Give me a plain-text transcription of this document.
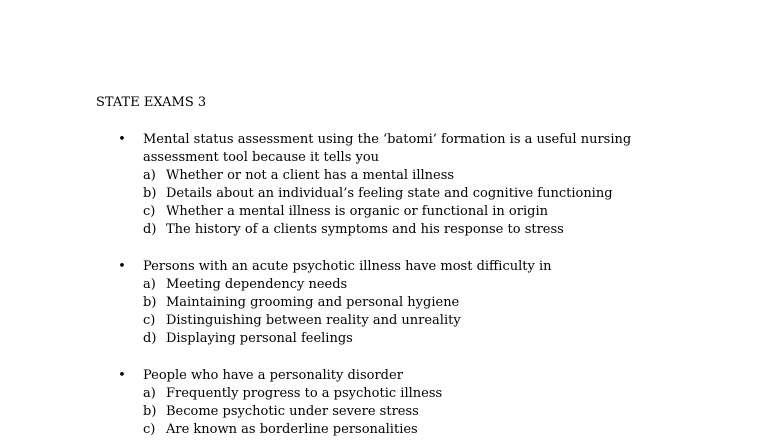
STATE EXAMS 3
• Mental status assessment using the ‘batomi’ formation is a useful nursing assessment tool because it tells you
a) Whether or not a client has a mental illness
b) Details about an individual’s feeling state and cognitive functioning
c) Whether a mental illness is organic or functional in origin
d) The history of a clients symptoms and his response to stress
• Persons with an acute psychotic illness have most difficulty in
a) Meeting dependency needs
b) Maintaining grooming and personal hygiene
c) Distinguishing between reality and unreality
d) Displaying personal feelings
• People who have a personality disorder
a) Frequently progress to a psychotic illness
b) Become psychotic under severe stress
c) Are known as borderline personalities
